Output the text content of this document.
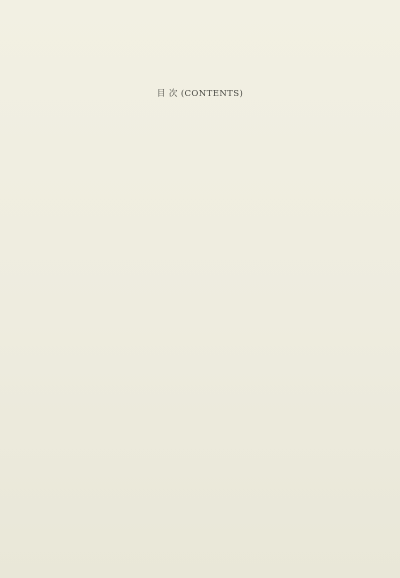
目 次 (CONTENTS)
